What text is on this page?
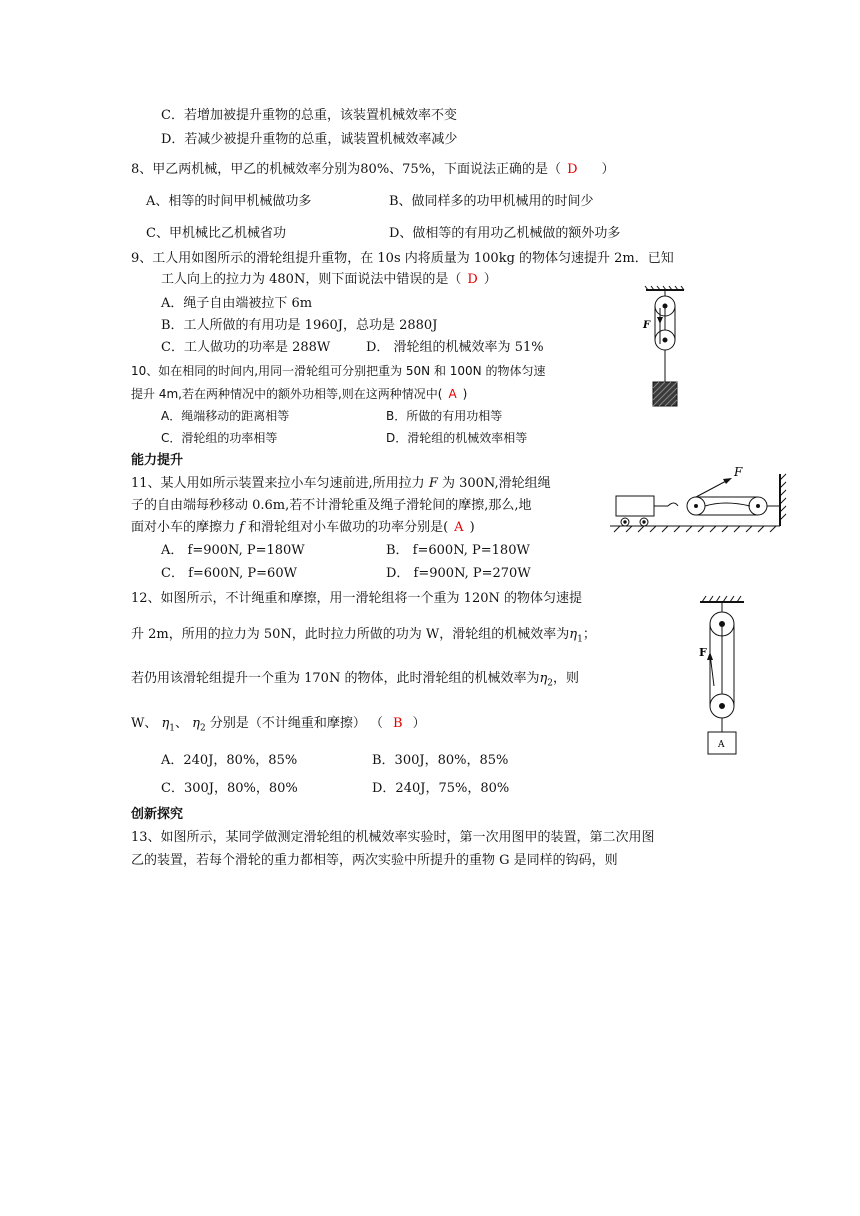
C．若增加被提升重物的总重，该装置机械效率不变
D．若减少被提升重物的总重，诚装置机械效率减少
8、甲乙两机械，甲乙的机械效率分别为80%、75%，下面说法正确的是（ D ）
A、相等的时间甲机械做功多	B、做同样多的功甲机械用的时间少
C、甲机械比乙机械省功	D、做相等的有用功乙机械做的额外功多
9、工人用如图所示的滑轮组提升重物，在 10s 内将质量为 100kg 的物体匀速提升 2m．已知
工人向上的拉力为 480N，则下面说法中错误的是（ D ）
A．绳子自由端被拉下 6m
B．工人所做的有用功是 1960J，总功是 2880J
C．工人做功的功率是 288W	D． 滑轮组的机械效率为 51%
F
10、如在相同的时间内,用同一滑轮组可分别把重为 50N 和 100N 的物体匀速
提升 4m,若在两种情况中的额外功相等,则在这两种情况中( A )
A．绳端移动的距离相等	B．所做的有用功相等
C．滑轮组的功率相等	D．滑轮组的机械效率相等
能力提升
11、某人用如所示装置来拉小车匀速前进,所用拉力 F 为 300N,滑轮组绳
子的自由端每秒移动 0.6m,若不计滑轮重及绳子滑轮间的摩擦,那么,地
面对小车的摩擦力 f 和滑轮组对小车做功的功率分别是( A )
A． f=900N, P=180W	B． f=600N, P=180W
C． f=600N, P=60W	D． f=900N, P=270W
F
12、如图所示，不计绳重和摩擦，用一滑轮组将一个重为 120N 的物体匀速提
升 2m，所用的拉力为 50N，此时拉力所做的功为 W，滑轮组的机械效率为$\eta_1$；
若仍用该滑轮组提升一个重为 170N 的物体，此时滑轮组的机械效率为$\eta_2$，则
W、 $\eta_1$、 $\eta_2$ 分别是（不计绳重和摩擦） （ B ）
A．240J，80%，85%	B．300J，80%，85%
C．300J，80%，80%	D．240J，75%，80%
F
A
创新探究
13、如图所示，某同学做测定滑轮组的机械效率实验时，第一次用图甲的装置，第二次用图
乙的装置，若每个滑轮的重力都相等，两次实验中所提升的重物 G 是同样的钩码，则
